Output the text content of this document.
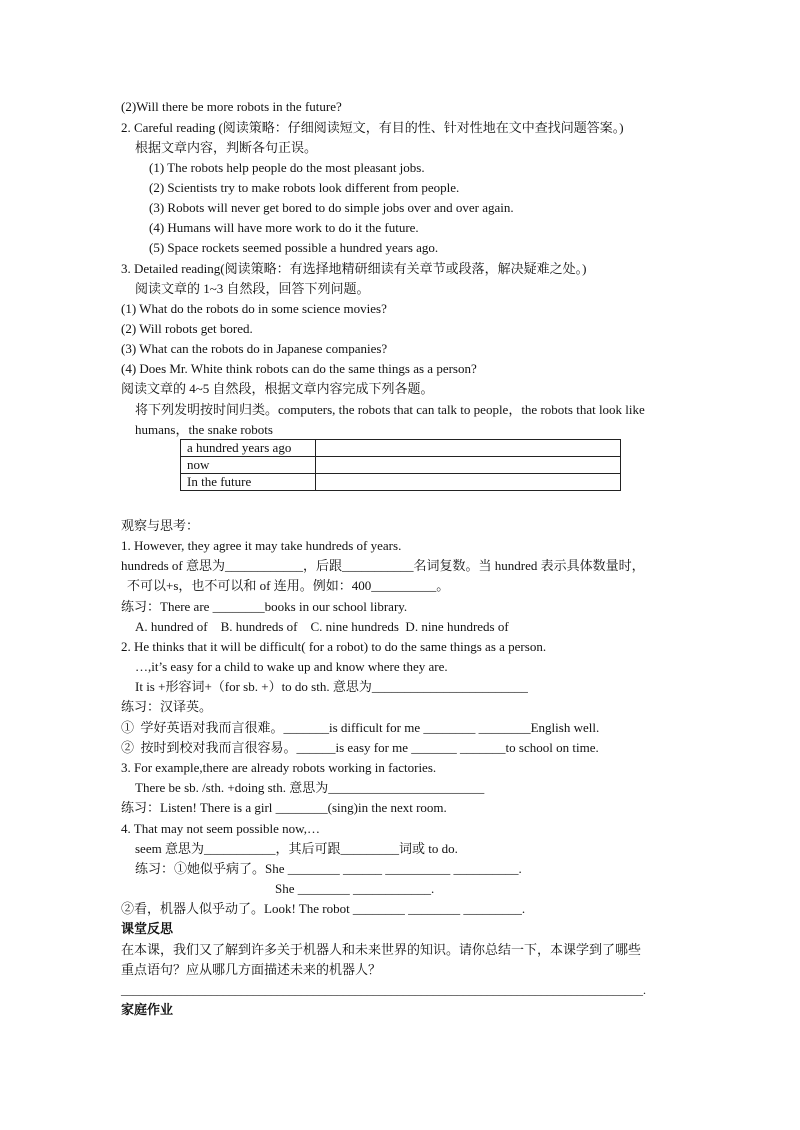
(2)Will there be more robots in the future?
2. Careful reading (阅读策略：仔细阅读短文，有目的性、针对性地在文中查找问题答案。)
根据文章内容，判断各句正误。
(1) The robots help people do the most pleasant jobs.
(2) Scientists try to make robots look different from people.
(3) Robots will never get bored to do simple jobs over and over again.
(4) Humans will have more work to do it the future.
(5) Space rockets seemed possible a hundred years ago.
3. Detailed reading(阅读策略：有选择地精研细读有关章节或段落，解决疑难之处。)
阅读文章的 1~3 自然段，回答下列问题。
(1) What do the robots do in some science movies?
(2) Will robots get bored.
(3) What can the robots do in Japanese companies?
(4) Does Mr. White think robots can do the same things as a person?
阅读文章的 4~5 自然段，根据文章内容完成下列各题。
将下列发明按时间归类。computers, the robots that can talk to people，the robots that look like
humans，the snake robots
a hundred years ago	
now	
In the future	
观察与思考：
1. However, they agree it may take hundreds of years.
hundreds of 意思为____________，后跟___________名词复数。当 hundred 表示具体数量时，
不可以+s，也不可以和 of 连用。例如：400__________。
练习：There are ________books in our school library.
A. hundred of    B. hundreds of    C. nine hundreds  D. nine hundreds of
2. He thinks that it will be difficult( for a robot) to do the same things as a person.
…,it’s easy for a child to wake up and know where they are.
It is +形容词+（for sb. +）to do sth. 意思为________________________
练习：汉译英。
①  学好英语对我而言很难。_______is difficult for me ________ ________English well.
②  按时到校对我而言很容易。______is easy for me _______ _______to school on time.
3. For example,there are already robots working in factories.
There be sb. /sth. +doing sth. 意思为________________________
练习：Listen! There is a girl ________(sing)in the next room.
4. That may not seem possible now,…
seem 意思为___________，其后可跟_________词或 to do.
练习：①她似乎病了。She ________ ______ __________ __________.
She ________ ____________.
②看，机器人似乎动了。Look! The robot ________ ________ _________.
课堂反思
在本课，我们又了解到许多关于机器人和未来世界的知识。请你总结一下，本课学到了哪些
重点语句？应从哪几方面描述未来的机器人？
_______________________________________________________________________________________.
家庭作业
